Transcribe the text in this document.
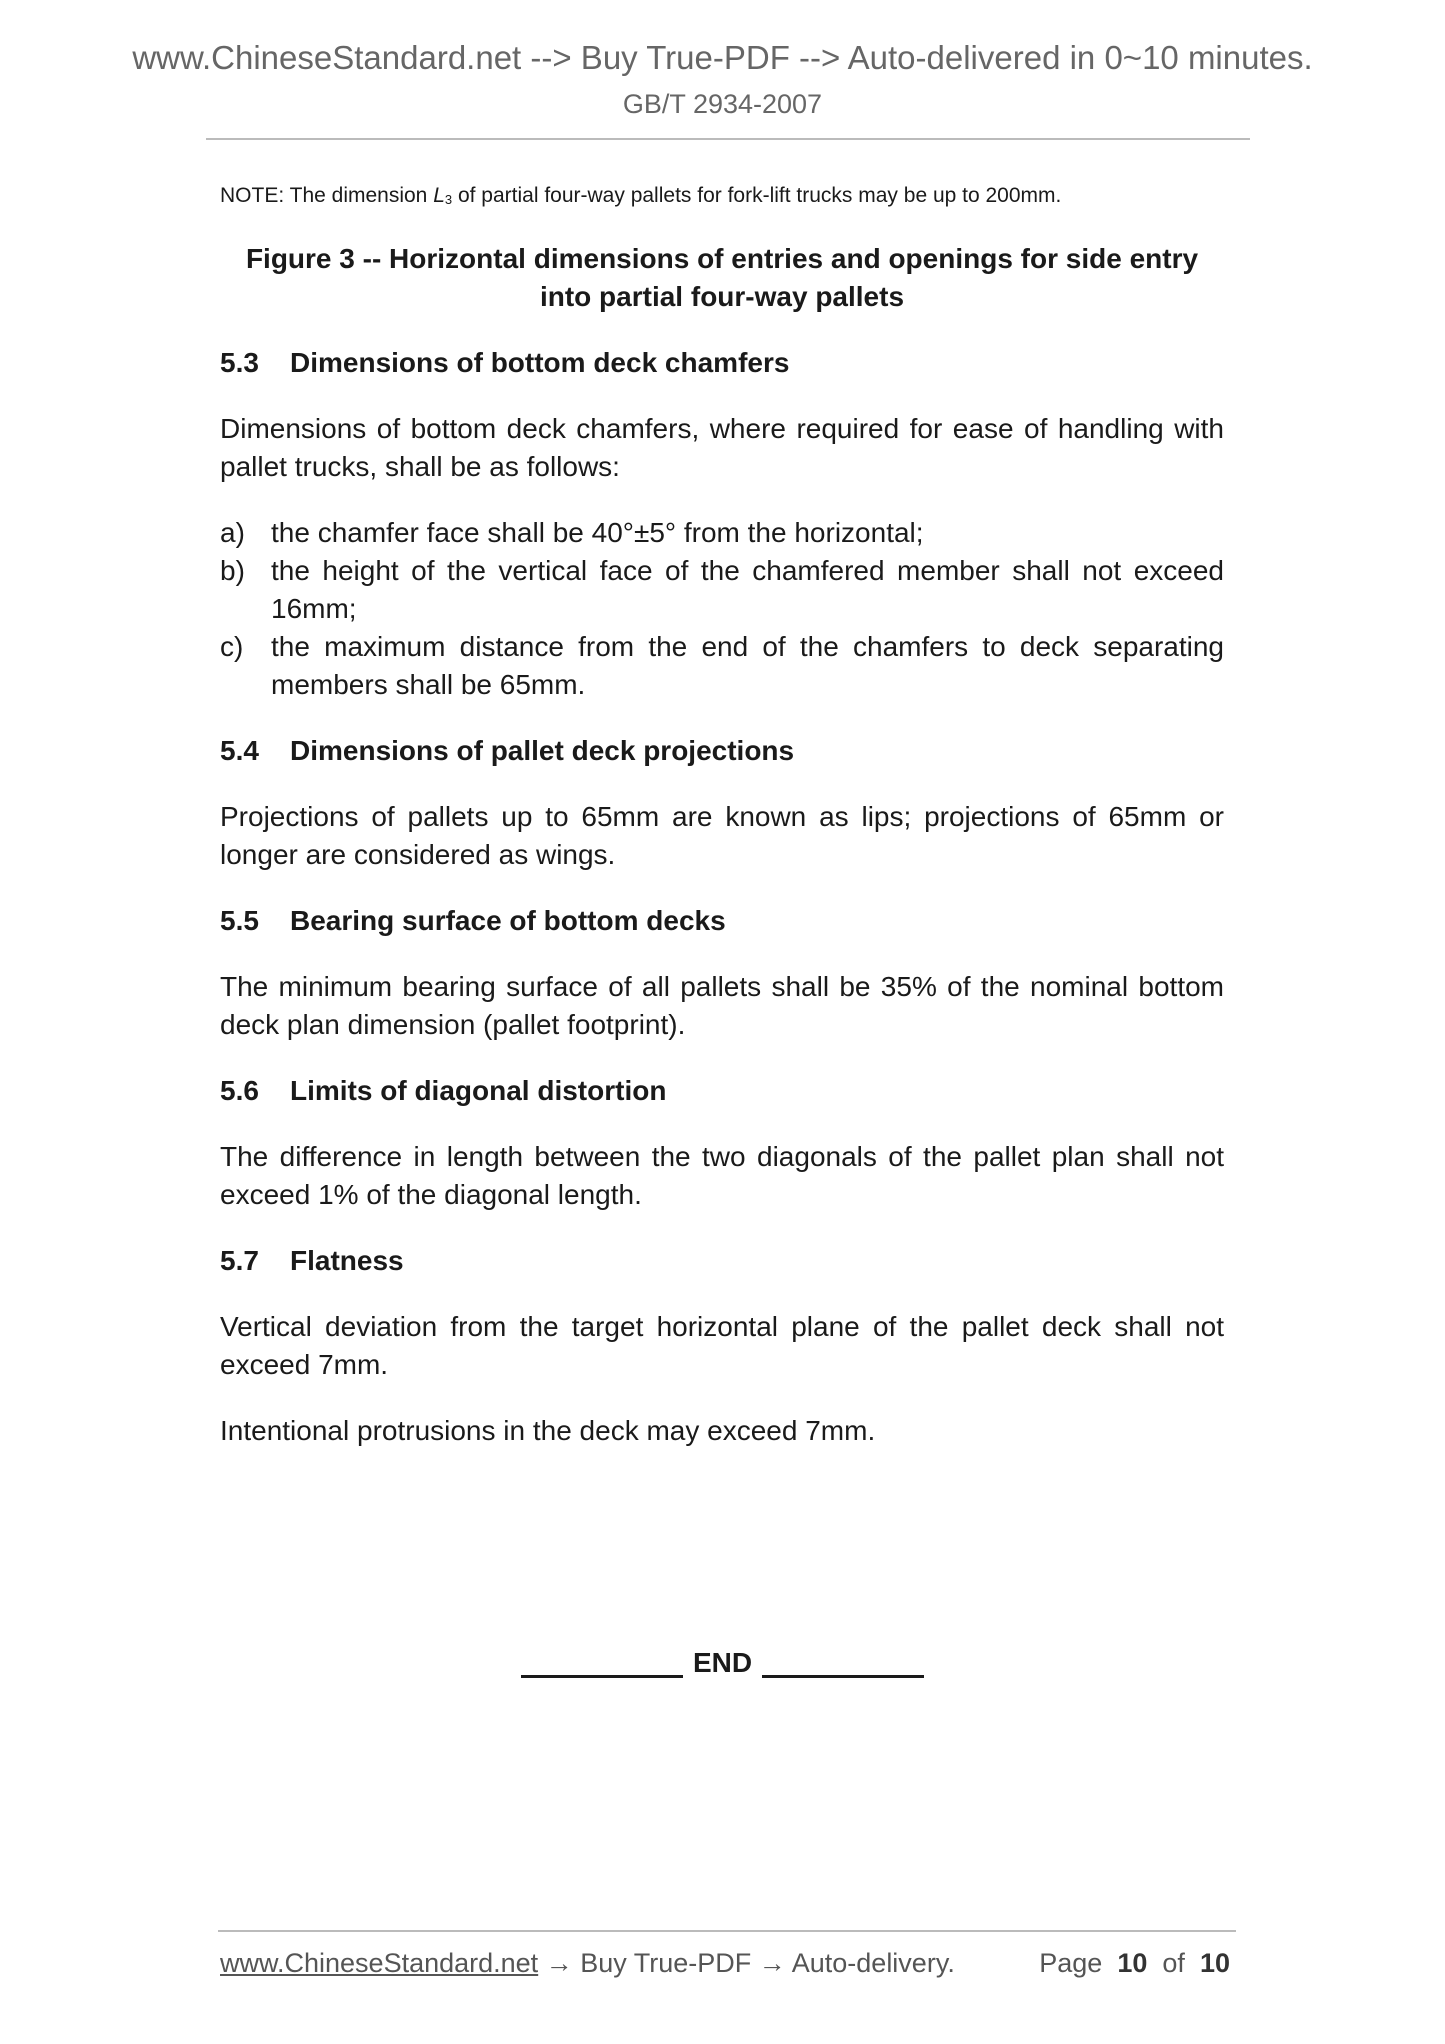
www.ChineseStandard.net --> Buy True-PDF --> Auto-delivered in 0~10 minutes.
GB/T 2934-2007

NOTE: The dimension $L_3$ of partial four-way pallets for fork-lift trucks may be up to 200mm.

Figure 3 -- Horizontal dimensions of entries and openings for side entry
into partial four-way pallets
5.3 Dimensions of bottom deck chamfers

Dimensions of bottom deck chamfers, where required for ease of handling with pallet trucks, shall be as follows:

a) the chamfer face shall be 40°±5° from the horizontal;
b) the height of the vertical face of the chamfered member shall not exceed 16mm;
c) the maximum distance from the end of the chamfers to deck separating members shall be 65mm.
5.4 Dimensions of pallet deck projections

Projections of pallets up to 65mm are known as lips; projections of 65mm or longer are considered as wings.

5.5 Bearing surface of bottom decks

The minimum bearing surface of all pallets shall be 35% of the nominal bottom deck plan dimension (pallet footprint).

5.6 Limits of diagonal distortion

The difference in length between the two diagonals of the pallet plan shall not exceed 1% of the diagonal length.

5.7 Flatness

Vertical deviation from the target horizontal plane of the pallet deck shall not exceed 7mm.

Intentional protrusions in the deck may exceed 7mm.

END
www.ChineseStandard.net → Buy True-PDF → Auto-delivery.	Page 10 of 10
